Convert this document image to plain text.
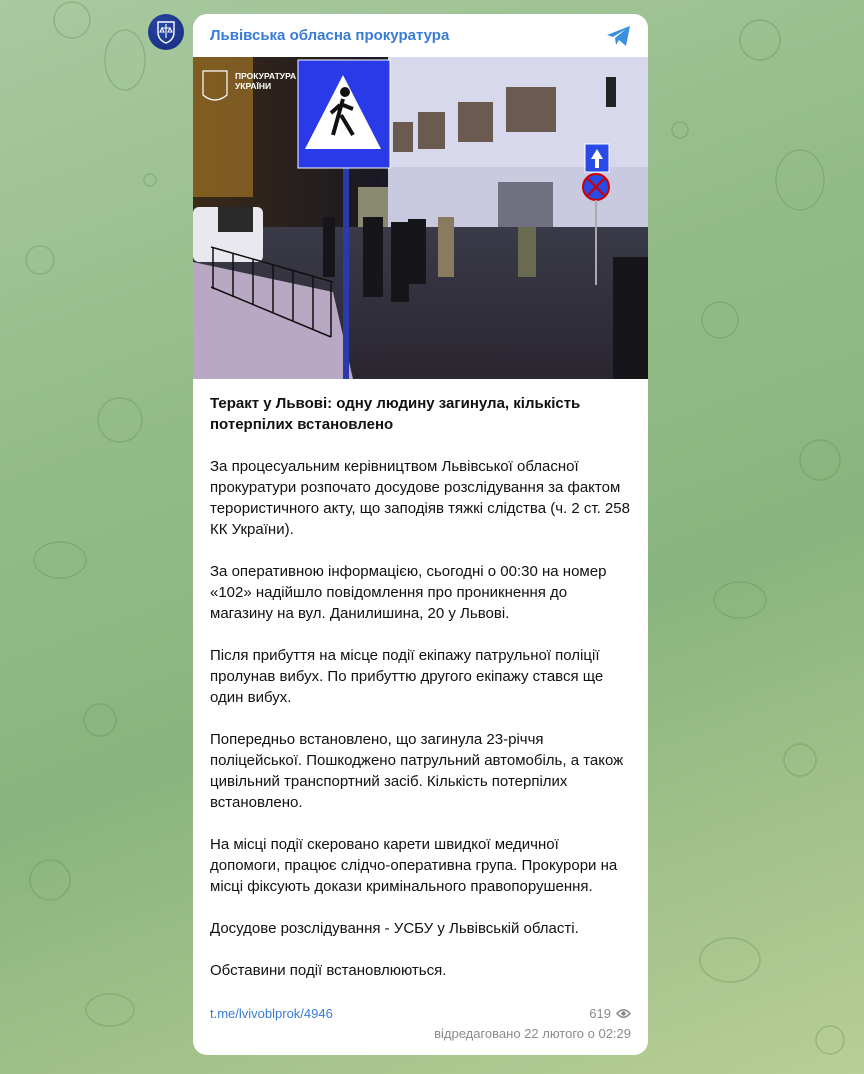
Львівська обласна прокуратура
ПРОКУРАТУРА
УКРАЇНИ

Теракт у Львові: одну людину загинула, кількість потерпілих встановлено

За процесуальним керівництвом Львівської обласної прокуратури розпочато досудове розслідування за фактом терористичного акту, що заподіяв тяжкі слідства (ч. 2 ст. 258 КК України).

За оперативною інформацією, сьогодні о 00:30 на номер «102» надійшло повідомлення про проникнення до магазину на вул. Данилишина, 20 у Львові.

Після прибуття на місце події екіпажу патрульної поліції пролунав вибух. По прибуттю другого екіпажу стався ще один вибух.

Попередньо встановлено, що загинула 23-річчя поліцейської. Пошкоджено патрульний автомобіль, а також цивільний транспортний засіб. Кількість потерпілих встановлено.

На місці події скеровано карети швидкої медичної допомоги, працює слідчо-оперативна група. Прокурори на місці фіксують докази кримінального правопорушення.

Досудове розслідування - УСБУ у Львівській області.

Обставини події встановлюються.

t.me/lvivoblprok/4946	619
відредаговано 22 лютого о 02:29
